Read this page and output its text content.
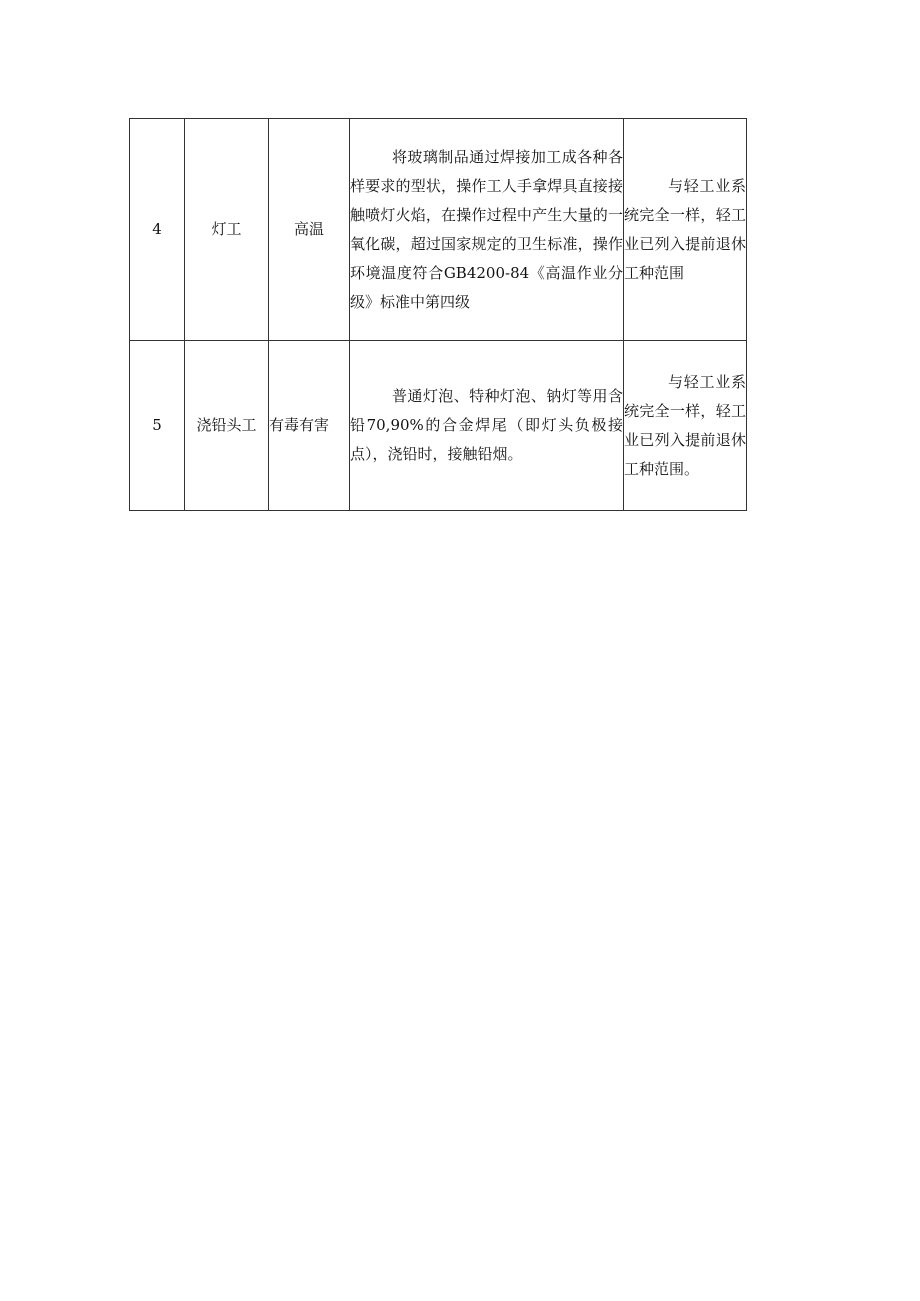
4	灯工	高温	将玻璃制品通过焊接加工成各种各样要求的型状，操作工人手拿焊具直接接触喷灯火焰，在操作过程中产生大量的一氧化碳，超过国家规定的卫生标准，操作环境温度符合GB4200-84《高温作业分级》标准中第四级	与轻工业系统完全一样，轻工业已列入提前退休工种范围

5	浇铅头工	有毒有害	普通灯泡、特种灯泡、钠灯等用含铅70,90%的合金焊尾（即灯头负极接点），浇铅时，接触铅烟。	与轻工业系统完全一样，轻工业已列入提前退休工种范围。
